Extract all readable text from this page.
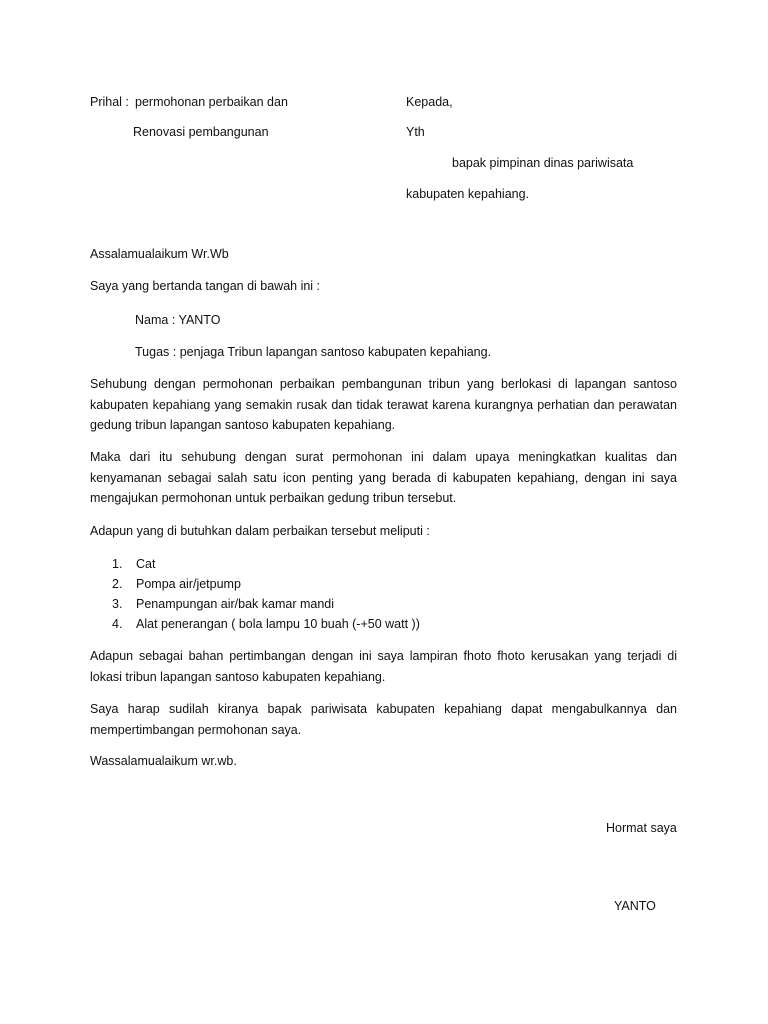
Prihal : permohonan perbaikan dan
Renovasi pembangunan
Kepada,
Yth
bapak pimpinan dinas pariwisata
kabupaten kepahiang.
Assalamualaikum Wr.Wb
Saya yang bertanda tangan di bawah ini :
Nama : YANTO
Tugas : penjaga Tribun lapangan santoso kabupaten kepahiang.
Sehubung dengan permohonan perbaikan pembangunan tribun yang berlokasi di lapangan santoso kabupaten kepahiang yang semakin rusak dan tidak terawat karena kurangnya perhatian dan perawatan gedung tribun lapangan santoso kabupaten kepahiang.
Maka dari itu sehubung dengan surat permohonan ini dalam upaya meningkatkan kualitas dan kenyamanan sebagai salah satu icon penting yang berada di kabupaten kepahiang, dengan ini saya mengajukan permohonan untuk perbaikan gedung tribun tersebut.
Adapun yang di butuhkan dalam perbaikan tersebut meliputi :
1.	Cat
2.	Pompa air/jetpump
3.	Penampungan air/bak kamar mandi
4.	Alat penerangan ( bola lampu 10 buah (-+50 watt ))
Adapun sebagai bahan pertimbangan dengan ini saya lampiran fhoto fhoto kerusakan yang terjadi di lokasi tribun lapangan santoso kabupaten kepahiang.
Saya harap sudilah kiranya bapak pariwisata kabupaten kepahiang dapat mengabulkannya dan mempertimbangan permohonan saya.
Wassalamualaikum wr.wb.
Hormat saya
YANTO
